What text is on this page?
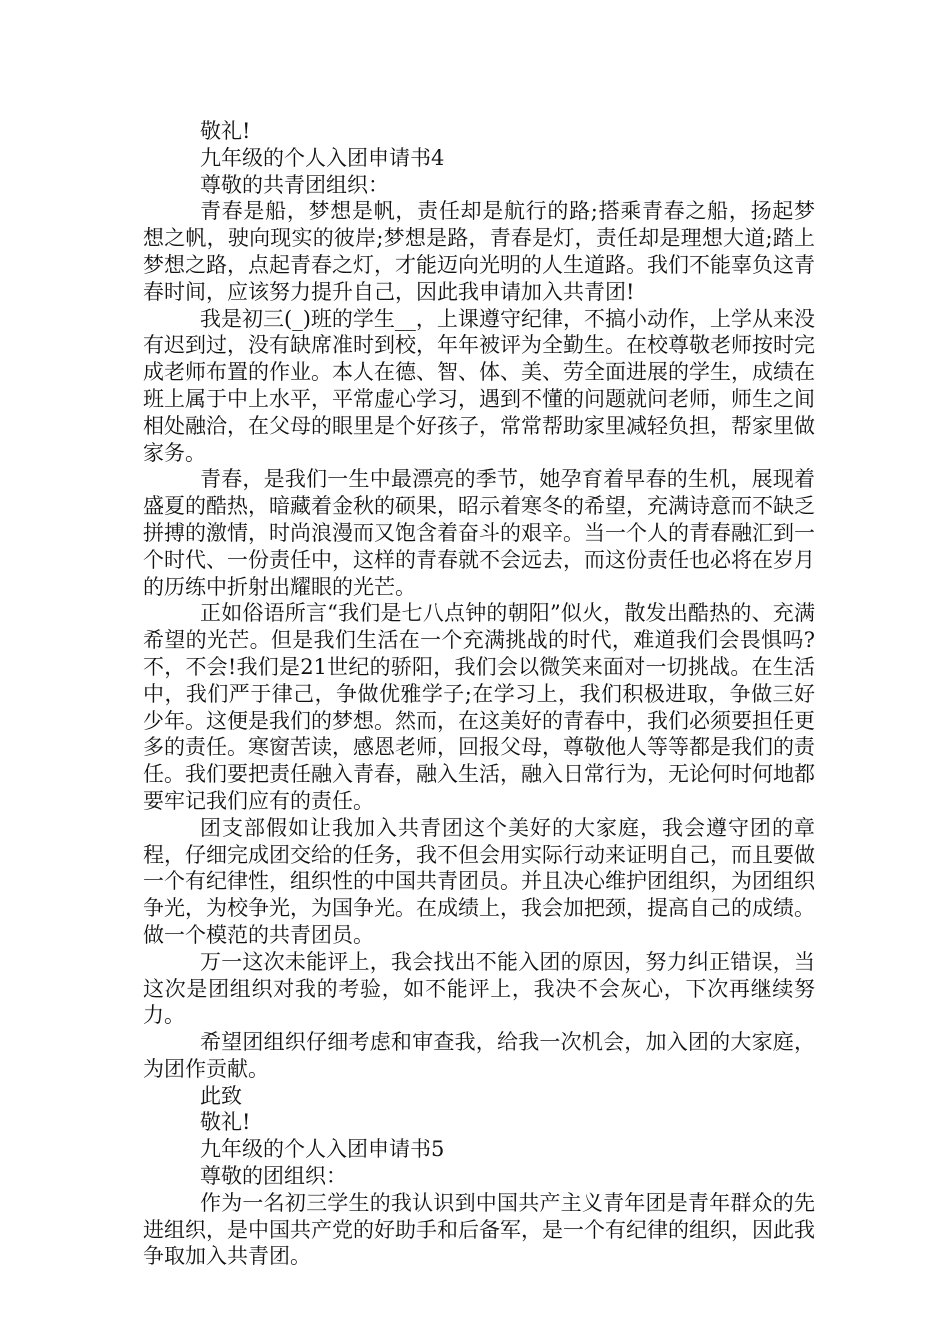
敬礼!

九年级的个人入团申请书4

尊敬的共青团组织：

青春是船，梦想是帆，责任却是航行的路;搭乘青春之船，扬起梦想之帆，驶向现实的彼岸;梦想是路，青春是灯，责任却是理想大道;踏上梦想之路，点起青春之灯，才能迈向光明的人生道路。我们不能辜负这青春时间，应该努力提升自己，因此我申请加入共青团!

我是初三(_)班的学生__，上课遵守纪律，不搞小动作，上学从来没有迟到过，没有缺席准时到校，年年被评为全勤生。在校尊敬老师按时完成老师布置的作业。本人在德、智、体、美、劳全面进展的学生，成绩在班上属于中上水平，平常虚心学习，遇到不懂的问题就问老师，师生之间相处融洽，在父母的眼里是个好孩子，常常帮助家里减轻负担，帮家里做家务。

青春，是我们一生中最漂亮的季节，她孕育着早春的生机，展现着盛夏的酷热，暗藏着金秋的硕果，昭示着寒冬的希望，充满诗意而不缺乏拼搏的激情，时尚浪漫而又饱含着奋斗的艰辛。当一个人的青春融汇到一个时代、一份责任中，这样的青春就不会远去，而这份责任也必将在岁月的历练中折射出耀眼的光芒。

正如俗语所言“我们是七八点钟的朝阳”似火，散发出酷热的、充满希望的光芒。但是我们生活在一个充满挑战的时代，难道我们会畏惧吗?不，不会!我们是21世纪的骄阳，我们会以微笑来面对一切挑战。在生活中，我们严于律己，争做优雅学子;在学习上，我们积极进取，争做三好少年。这便是我们的梦想。然而，在这美好的青春中，我们必须要担任更多的责任。寒窗苦读，感恩老师，回报父母，尊敬他人等等都是我们的责任。我们要把责任融入青春，融入生活，融入日常行为，无论何时何地都要牢记我们应有的责任。

团支部假如让我加入共青团这个美好的大家庭，我会遵守团的章程，仔细完成团交给的任务，我不但会用实际行动来证明自己，而且要做一个有纪律性，组织性的中国共青团员。并且决心维护团组织，为团组织争光，为校争光，为国争光。在成绩上，我会加把颈，提高自己的成绩。做一个模范的共青团员。

万一这次未能评上，我会找出不能入团的原因，努力纠正错误，当这次是团组织对我的考验，如不能评上，我决不会灰心，下次再继续努力。

希望团组织仔细考虑和审查我，给我一次机会，加入团的大家庭，为团作贡献。

此致

敬礼!

九年级的个人入团申请书5

尊敬的团组织：

作为一名初三学生的我认识到中国共产主义青年团是青年群众的先进组织，是中国共产党的好助手和后备军，是一个有纪律的组织，因此我争取加入共青团。
